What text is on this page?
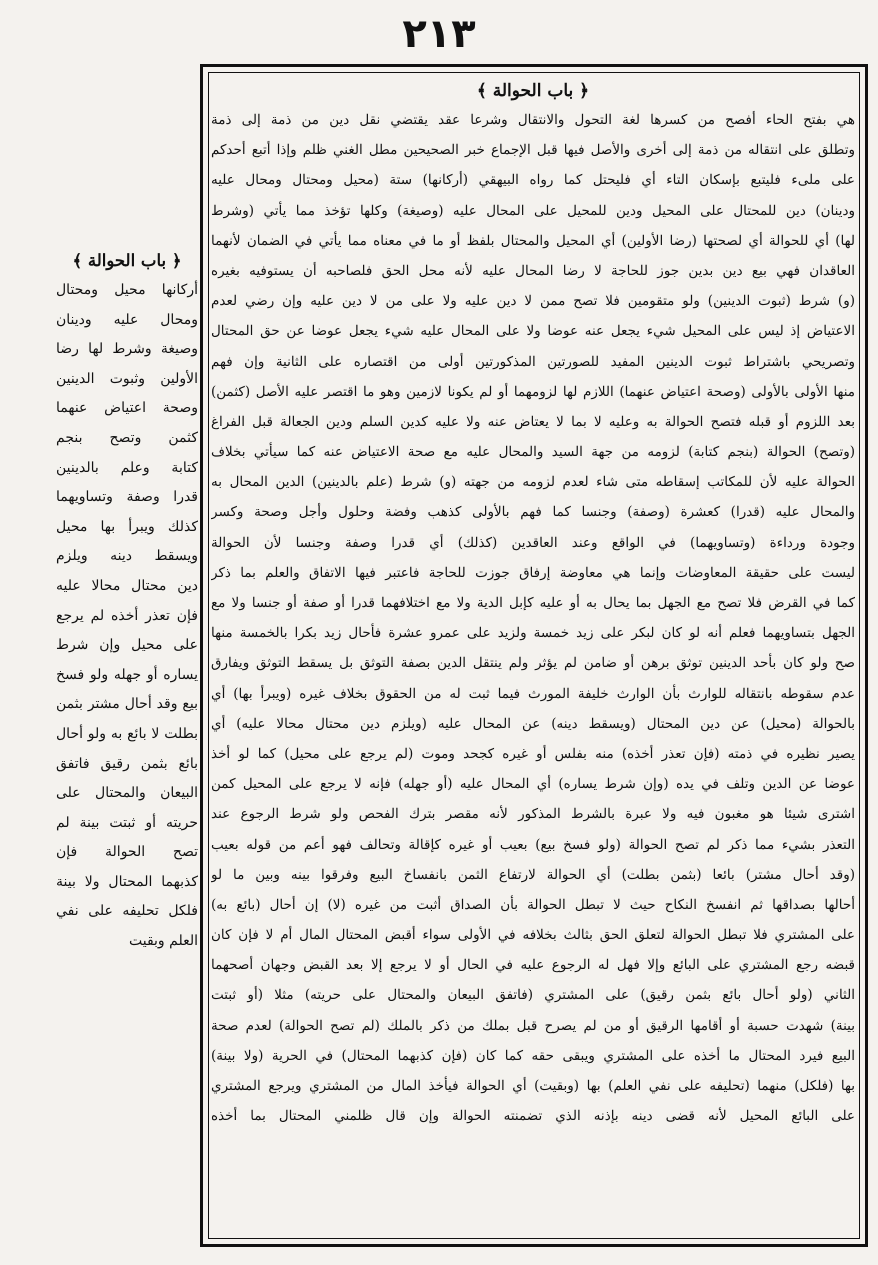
٢١٣
﴿ باب الحوالة ﴾
هي بفتح الحاء أفصح من كسرها لغة التحول والانتقال وشرعا عقد يقتضي نقل دين من ذمة إلى ذمة
وتطلق على انتقاله من ذمة إلى أخرى والأصل فيها قبل الإجماع خبر الصحيحين مطل الغني ظلم وإذا أتبع أحدكم
على ملىء فليتبع بإسكان التاء أي فليحتل كما رواه البيهقي (أركانها) ستة (محيل ومحتال ومحال عليه
ودينان) دين للمحتال على المحيل ودين للمحيل على المحال عليه (وصيغة) وكلها تؤخذ مما يأتي (وشرط
لها) أي للحوالة أي لصحتها (رضا الأولين) أي المحيل والمحتال بلفظ أو ما في معناه مما يأتي في الضمان لأنهما
العاقدان فهي بيع دين بدين جوز للحاجة لا رضا المحال عليه لأنه محل الحق فلصاحبه أن يستوفيه بغيره
(و) شرط (ثبوت الدينين) ولو متقومين فلا تصح ممن لا دين عليه ولا على من لا دين عليه وإن رضي لعدم
الاعتياض إذ ليس على المحيل شيء يجعل عنه عوضا ولا على المحال عليه شيء يجعل عوضا عن حق المحتال
وتصريحي باشتراط ثبوت الدينين المفيد للصورتين المذكورتين أولى من اقتصاره على الثانية وإن فهم
منها الأولى بالأولى (وصحة اعتياض عنهما) اللازم لها لزومهما أو لم يكونا لازمين وهو ما اقتصر عليه الأصل (كثمن)
بعد اللزوم أو قبله فتصح الحوالة به وعليه لا بما لا يعتاض عنه ولا عليه كدين السلم ودين الجعالة قبل الفراغ
(وتصح) الحوالة (بنجم كتابة) لزومه من جهة السيد والمحال عليه مع صحة الاعتياض عنه كما سيأتي بخلاف
الحوالة عليه لأن للمكاتب إسقاطه متى شاء لعدم لزومه من جهته (و) شرط (علم بالدينين) الدين المحال به
والمحال عليه (قدرا) كعشرة (وصفة) وجنسا كما فهم بالأولى كذهب وفضة وحلول وأجل وصحة وكسر
وجودة ورداءة (وتساويهما) في الواقع وعند العاقدين (كذلك) أي قدرا وصفة وجنسا لأن الحوالة
ليست على حقيقة المعاوضات وإنما هي معاوضة إرفاق جوزت للحاجة فاعتبر فيها الاتفاق والعلم بما ذكر
كما في القرض فلا تصح مع الجهل بما يحال به أو عليه كإبل الدية ولا مع اختلافهما قدرا أو صفة أو جنسا ولا مع
الجهل بتساويهما فعلم أنه لو كان لبكر على زيد خمسة ولزيد على عمرو عشرة فأحال زيد بكرا بالخمسة منها
صح ولو كان بأحد الدينين توثق برهن أو ضامن لم يؤثر ولم ينتقل الدين بصفة التوثق بل يسقط التوثق ويفارق
عدم سقوطه بانتقاله للوارث بأن الوارث خليفة المورث فيما ثبت له من الحقوق بخلاف غيره (ويبرأ بها) أي
بالحوالة (محيل) عن دين المحتال (ويسقط دينه) عن المحال عليه (ويلزم دين محتال محالا عليه) أي
يصير نظيره في ذمته (فإن تعذر أخذه) منه بفلس أو غيره كجحد وموت (لم يرجع على محيل) كما لو أخذ
عوضا عن الدين وتلف في يده (وإن شرط يساره) أي المحال عليه (أو جهله) فإنه لا يرجع على المحيل كمن
اشترى شيئا هو مغبون فيه ولا عبرة بالشرط المذكور لأنه مقصر بترك الفحص ولو شرط الرجوع عند
التعذر بشيء مما ذكر لم تصح الحوالة (ولو فسخ بيع) بعيب أو غيره كإقالة وتحالف فهو أعم من قوله بعيب
(وقد أحال مشتر) بائعا (بثمن بطلت) أي الحوالة لارتفاع الثمن بانفساخ البيع وفرقوا بينه وبين ما لو
أحالها بصداقها ثم انفسخ النكاح حيث لا تبطل الحوالة بأن الصداق أثبت من غيره (لا) إن أحال (بائع به)
على المشتري فلا تبطل الحوالة لتعلق الحق بثالث بخلافه في الأولى سواء أقبض المحتال المال أم لا فإن كان
قبضه رجع المشتري على البائع وإلا فهل له الرجوع عليه في الحال أو لا يرجع إلا بعد القبض وجهان أصحهما
الثاني (ولو أحال بائع بثمن رقيق) على المشتري (فاتفق البيعان والمحتال على حريته) مثلا (أو ثبتت
بينة) شهدت حسبة أو أقامها الرقيق أو من لم يصرح قبل بملك من ذكر بالملك (لم تصح الحوالة) لعدم صحة
البيع فيرد المحتال ما أخذه على المشتري ويبقى حقه كما كان (فإن كذبهما المحتال) في الحرية (ولا بينة)
بها (فلكل) منهما (تحليفه على نفي العلم) بها (وبقيت) أي الحوالة فيأخذ المال من المشتري ويرجع المشتري
على البائع المحيل لأنه قضى دينه بإذنه الذي تضمنته الحوالة وإن قال ظلمني المحتال بما أخذه
﴿ باب الحوالة ﴾
أركانها محيل ومحتال
ومحال عليه ودينان
وصيغة وشرط لها رضا
الأولين وثبوت الدينين
وصحة اعتياض عنهما
كثمن وتصح بنجم
كتابة وعلم بالدينين
قدرا وصفة وتساويهما
كذلك ويبرأ بها محيل
ويسقط دينه ويلزم
دين محتال محالا عليه
فإن تعذر أخذه لم يرجع
على محيل وإن شرط
يساره أو جهله ولو فسخ
بيع وقد أحال مشتر بثمن
بطلت لا بائع به ولو أحال
بائع بثمن رقيق فاتفق
البيعان والمحتال على
حريته أو ثبتت بينة لم
تصح الحوالة فإن
كذبهما المحتال ولا بينة
فلكل تحليفه على نفي
العلم وبقيت
